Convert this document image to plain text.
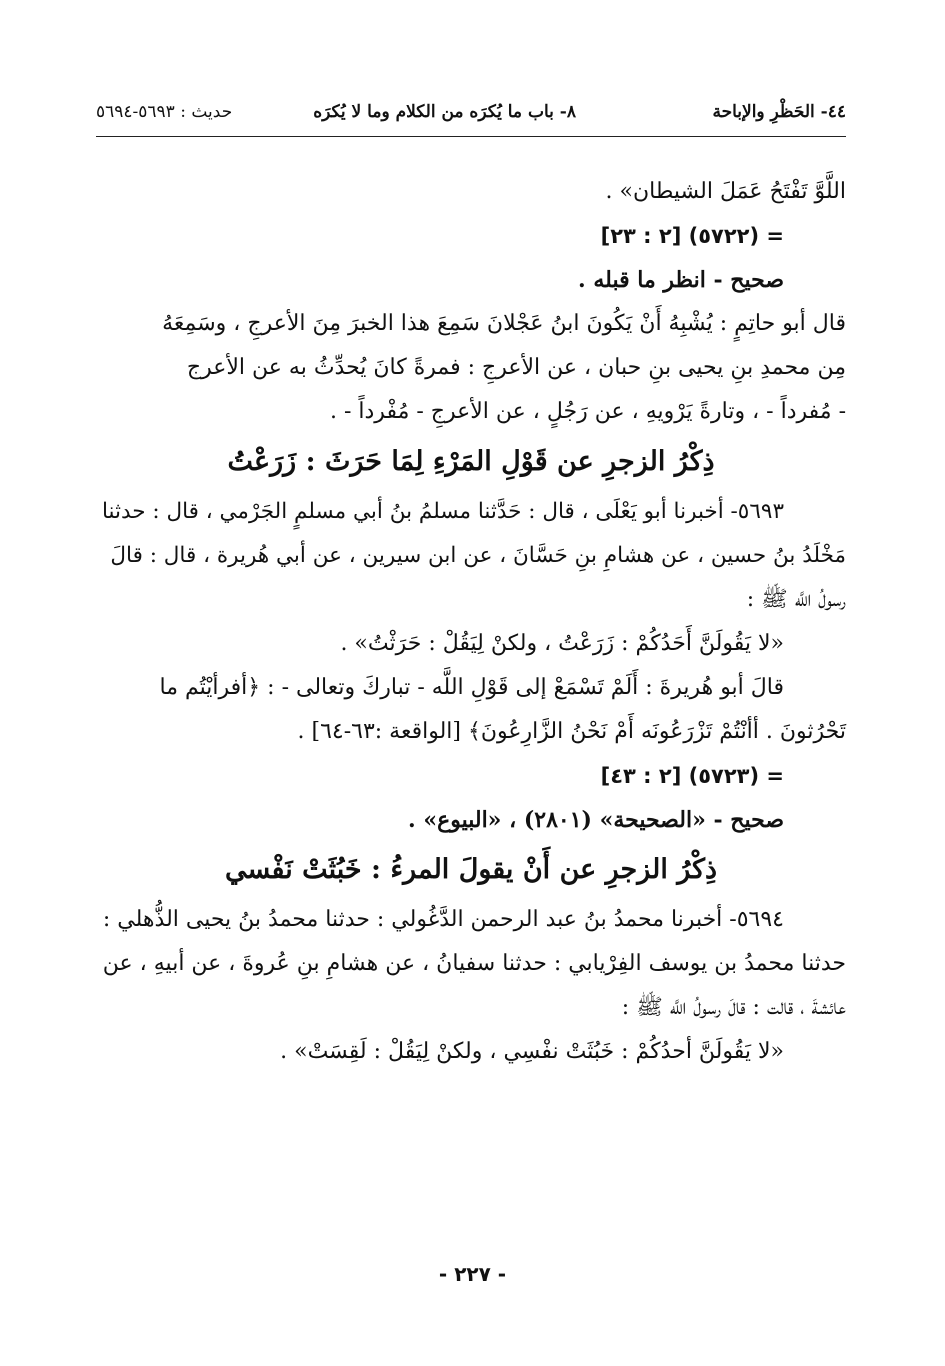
٤٤- الحَظْرِ والإباحة
٨- باب ما يُكرَه من الكلام وما لا يُكرَه
حديث : ٥٦٩٣-٥٦٩٤
اللَّوَّ تَفْتَحُ عَمَلَ الشيطان» .
= (٥٧٢٢) [٢ : ٢٣]
صحيح - انظر ما قبله .
قال أبو حاتِمٍ : يُشْبِهُ أَنْ يَكُونَ ابنُ عَجْلانَ سَمِعَ هذا الخبرَ مِنَ الأعرجِ ، وسَمِعَهُ
مِن محمدِ بنِ يحيى بنِ حبان ، عن الأعرجِ : فمرةً كانَ يُحدِّثُ به عن الأعرج
- مُفرداً - ، وتارةً يَرْويهِ ، عن رَجُلٍ ، عن الأعرجِ - مُفْرداً - .
ذِكْرُ الزجرِ عن قَوْلِ المَرْءِ لِمَا حَرَثَ : زَرَعْتُ
٥٦٩٣- أخبرنا أبو يَعْلَى ، قال : حَدَّثنا مسلمُ بنُ أبي مسلمٍ الجَرْمي ، قال : حدثنا
مَخْلَدُ بنُ حسين ، عن هشامِ بنِ حَسَّانَ ، عن ابن سيرين ، عن أبي هُريرة ، قال : قالَ
رسولُ اللَّه ﷺ :
«لا يَقُولَنَّ أَحَدُكُمْ : زَرَعْتُ ، ولكنْ لِيَقُلْ : حَرَثْتُ» .
قالَ أبو هُريرةَ : أَلَمْ تَسْمَعْ إلى قَوْلِ اللَّه - تباركَ وتعالى - : ﴿أفرأيْتُم ما
تَحْرُثونَ . أأنْتُمْ تَزْرَعُونَه أَمْ نَحْنُ الزَّارِعُونَ﴾ [الواقعة :٦٣-٦٤] .
= (٥٧٢٣) [٢ : ٤٣]
صحيح - «الصحيحة» (٢٨٠١) ، «البيوع» .
ذِكْرُ الزجرِ عن أَنْ يقولَ المرءُ : خَبُثَتْ نَفْسي
٥٦٩٤- أخبرنا محمدُ بنُ عبد الرحمن الدَّغُولي : حدثنا محمدُ بنُ يحيى الذُّهلي :
حدثنا محمدُ بن يوسف الفِرْيابي : حدثنا سفيانُ ، عن هشامِ بنِ عُروةَ ، عن أبيهِ ، عن
عائشةَ ، قالت : قالَ رسولُ اللَّه ﷺ :
«لا يَقُولَنَّ أحدُكُمْ : خَبُثَتْ نفْسِي ، ولكنْ لِيَقُلْ : لَقِسَتْ» .
- ٢٢٧ -
